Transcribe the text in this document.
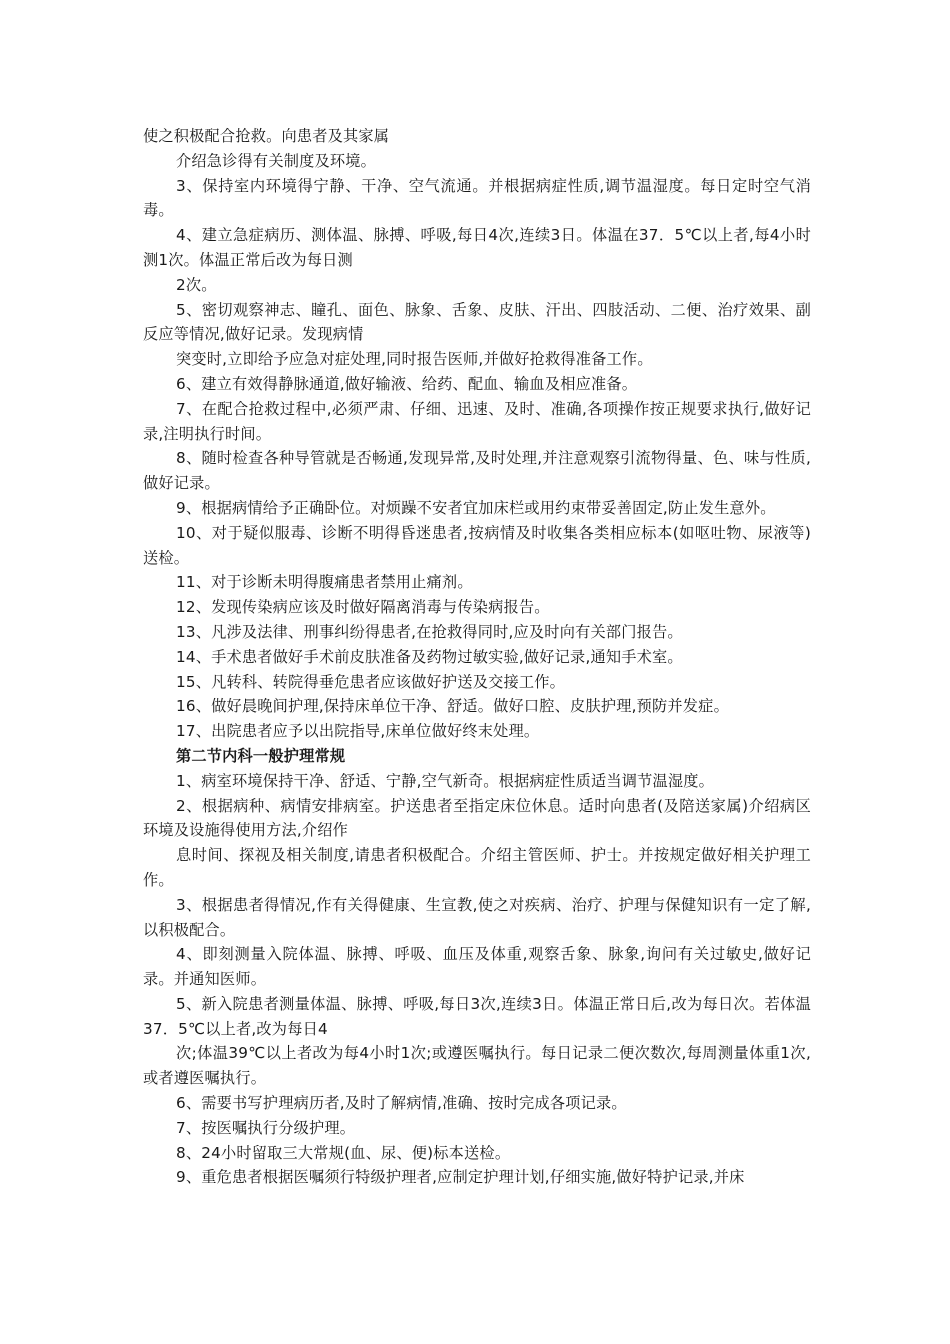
使之积极配合抢救。向患者及其家属

介绍急诊得有关制度及环境。

3、保持室内环境得宁静、干净、空气流通。并根据病症性质,调节温湿度。每日定时空气消毒。

4、建立急症病历、测体温、脉搏、呼吸,每日4次,连续3日。体温在37．5℃以上者,每4小时测1次。体温正常后改为每日测

2次。

5、密切观察神志、瞳孔、面色、脉象、舌象、皮肤、汗出、四肢活动、二便、治疗效果、副反应等情况,做好记录。发现病情

突变时,立即给予应急对症处理,同时报告医师,并做好抢救得准备工作。

6、建立有效得静脉通道,做好输液、给药、配血、输血及相应准备。

7、在配合抢救过程中,必须严肃、仔细、迅速、及时、准确,各项操作按正规要求执行,做好记录,注明执行时间。

8、随时检查各种导管就是否畅通,发现异常,及时处理,并注意观察引流物得量、色、味与性质,做好记录。

9、根据病情给予正确卧位。对烦躁不安者宜加床栏或用约束带妥善固定,防止发生意外。

10、对于疑似服毒、诊断不明得昏迷患者,按病情及时收集各类相应标本(如呕吐物、尿液等)送检。

11、对于诊断未明得腹痛患者禁用止痛剂。

12、发现传染病应该及时做好隔离消毒与传染病报告。

13、凡涉及法律、刑事纠纷得患者,在抢救得同时,应及时向有关部门报告。

14、手术患者做好手术前皮肤准备及药物过敏实验,做好记录,通知手术室。

15、凡转科、转院得垂危患者应该做好护送及交接工作。

16、做好晨晚间护理,保持床单位干净、舒适。做好口腔、皮肤护理,预防并发症。

17、出院患者应予以出院指导,床单位做好终末处理。

第二节内科一般护理常规

1、病室环境保持干净、舒适、宁静,空气新奇。根据病症性质适当调节温湿度。

2、根据病种、病情安排病室。护送患者至指定床位休息。适时向患者(及陪送家属)介绍病区环境及设施得使用方法,介绍作

息时间、探视及相关制度,请患者积极配合。介绍主管医师、护士。并按规定做好相关护理工作。

3、根据患者得情况,作有关得健康、生宣教,使之对疾病、治疗、护理与保健知识有一定了解,以积极配合。

4、即刻测量入院体温、脉搏、呼吸、血压及体重,观察舌象、脉象,询问有关过敏史,做好记录。并通知医师。

5、新入院患者测量体温、脉搏、呼吸,每日3次,连续3日。体温正常日后,改为每日次。若体温37．5℃以上者,改为每日4

次;体温39℃以上者改为每4小时1次;或遵医嘱执行。每日记录二便次数次,每周测量体重1次,或者遵医嘱执行。

6、需要书写护理病历者,及时了解病情,准确、按时完成各项记录。

7、按医嘱执行分级护理。

8、24小时留取三大常规(血、尿、便)标本送检。

9、重危患者根据医嘱须行特级护理者,应制定护理计划,仔细实施,做好特护记录,并床
